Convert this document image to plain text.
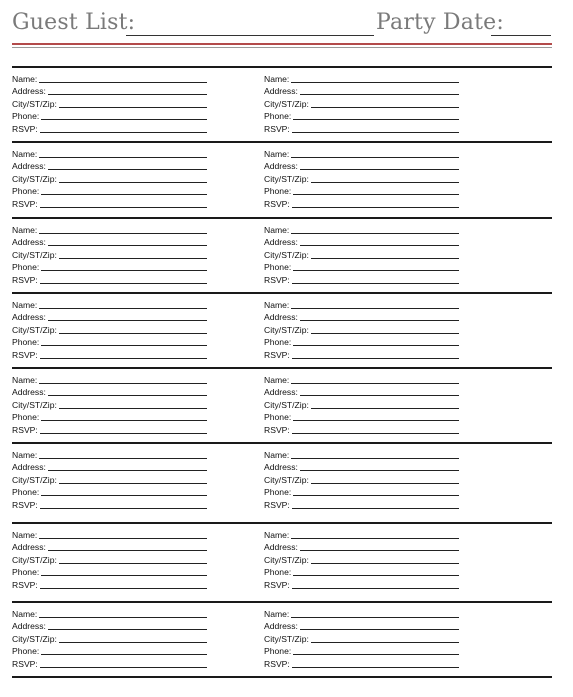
Guest List:	Party Date:
Name:
Address:
City/ST/Zip:
Phone:
RSVP:
Name:
Address:
City/ST/Zip:
Phone:
RSVP:
Name:
Address:
City/ST/Zip:
Phone:
RSVP:
Name:
Address:
City/ST/Zip:
Phone:
RSVP:
Name:
Address:
City/ST/Zip:
Phone:
RSVP:
Name:
Address:
City/ST/Zip:
Phone:
RSVP:
Name:
Address:
City/ST/Zip:
Phone:
RSVP:
Name:
Address:
City/ST/Zip:
Phone:
RSVP:
Name:
Address:
City/ST/Zip:
Phone:
RSVP:
Name:
Address:
City/ST/Zip:
Phone:
RSVP:
Name:
Address:
City/ST/Zip:
Phone:
RSVP:
Name:
Address:
City/ST/Zip:
Phone:
RSVP:
Name:
Address:
City/ST/Zip:
Phone:
RSVP:
Name:
Address:
City/ST/Zip:
Phone:
RSVP:
Name:
Address:
City/ST/Zip:
Phone:
RSVP:
Name:
Address:
City/ST/Zip:
Phone:
RSVP:
